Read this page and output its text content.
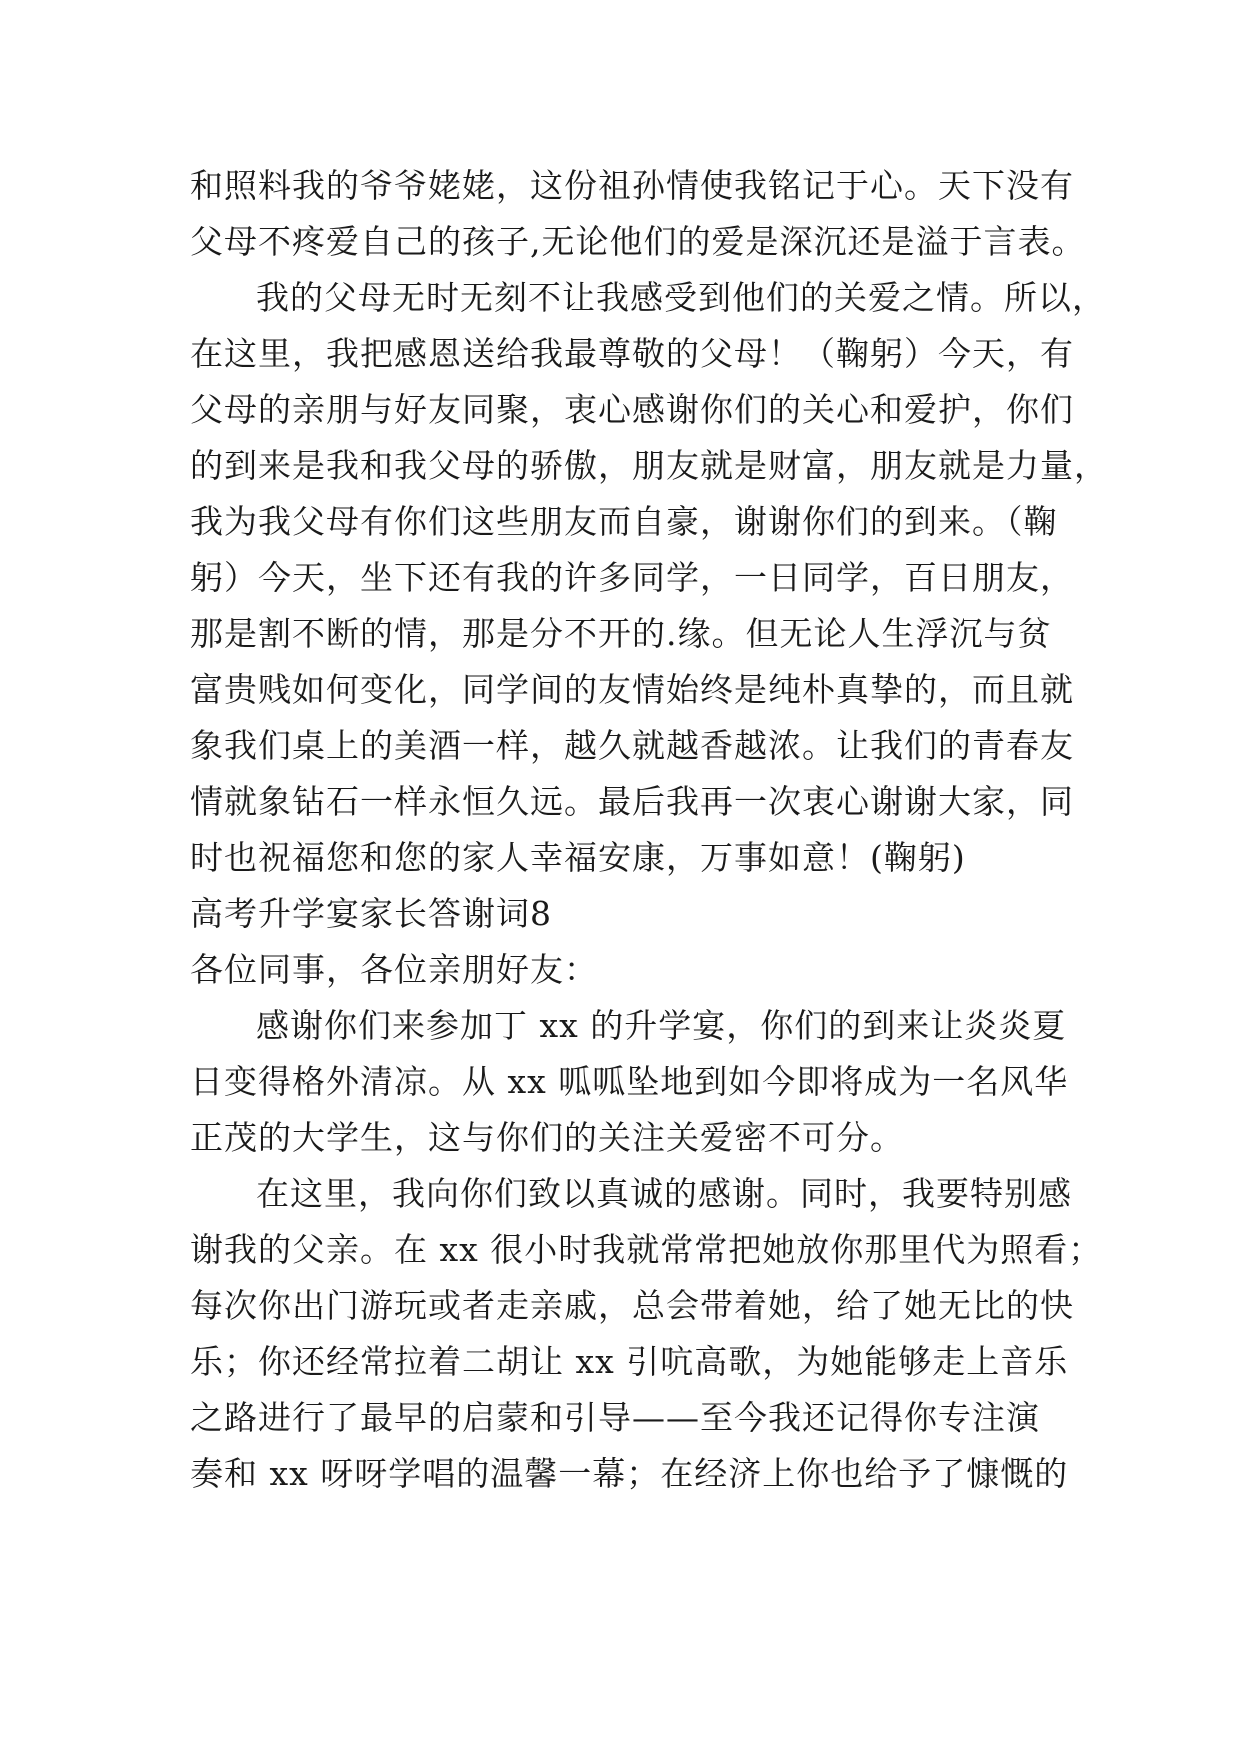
和照料我的爷爷姥姥，这份祖孙情使我铭记于心。天下没有
父母不疼爱自己的孩子,无论他们的爱是深沉还是溢于言表。
我的父母无时无刻不让我感受到他们的关爱之情。所以，
在这里，我把感恩送给我最尊敬的父母！（鞠躬）今天，有
父母的亲朋与好友同聚，衷心感谢你们的关心和爱护，你们
的到来是我和我父母的骄傲，朋友就是财富，朋友就是力量，
我为我父母有你们这些朋友而自豪，谢谢你们的到来。（鞠
躬）今天，坐下还有我的许多同学，一日同学，百日朋友，
那是割不断的情，那是分不开的.缘。但无论人生浮沉与贫
富贵贱如何变化，同学间的友情始终是纯朴真挚的，而且就
象我们桌上的美酒一样，越久就越香越浓。让我们的青春友
情就象钻石一样永恒久远。最后我再一次衷心谢谢大家，同
时也祝福您和您的家人幸福安康，万事如意！(鞠躬)
高考升学宴家长答谢词8
各位同事，各位亲朋好友：
感谢你们来参加丁 xx 的升学宴，你们的到来让炎炎夏
日变得格外清凉。从 xx 呱呱坠地到如今即将成为一名风华
正茂的大学生，这与你们的关注关爱密不可分。
在这里，我向你们致以真诚的感谢。同时，我要特别感
谢我的父亲。在 xx 很小时我就常常把她放你那里代为照看；
每次你出门游玩或者走亲戚，总会带着她，给了她无比的快
乐；你还经常拉着二胡让 xx 引吭高歌，为她能够走上音乐
之路进行了最早的启蒙和引导——至今我还记得你专注演
奏和 xx 呀呀学唱的温馨一幕；在经济上你也给予了慷慨的
